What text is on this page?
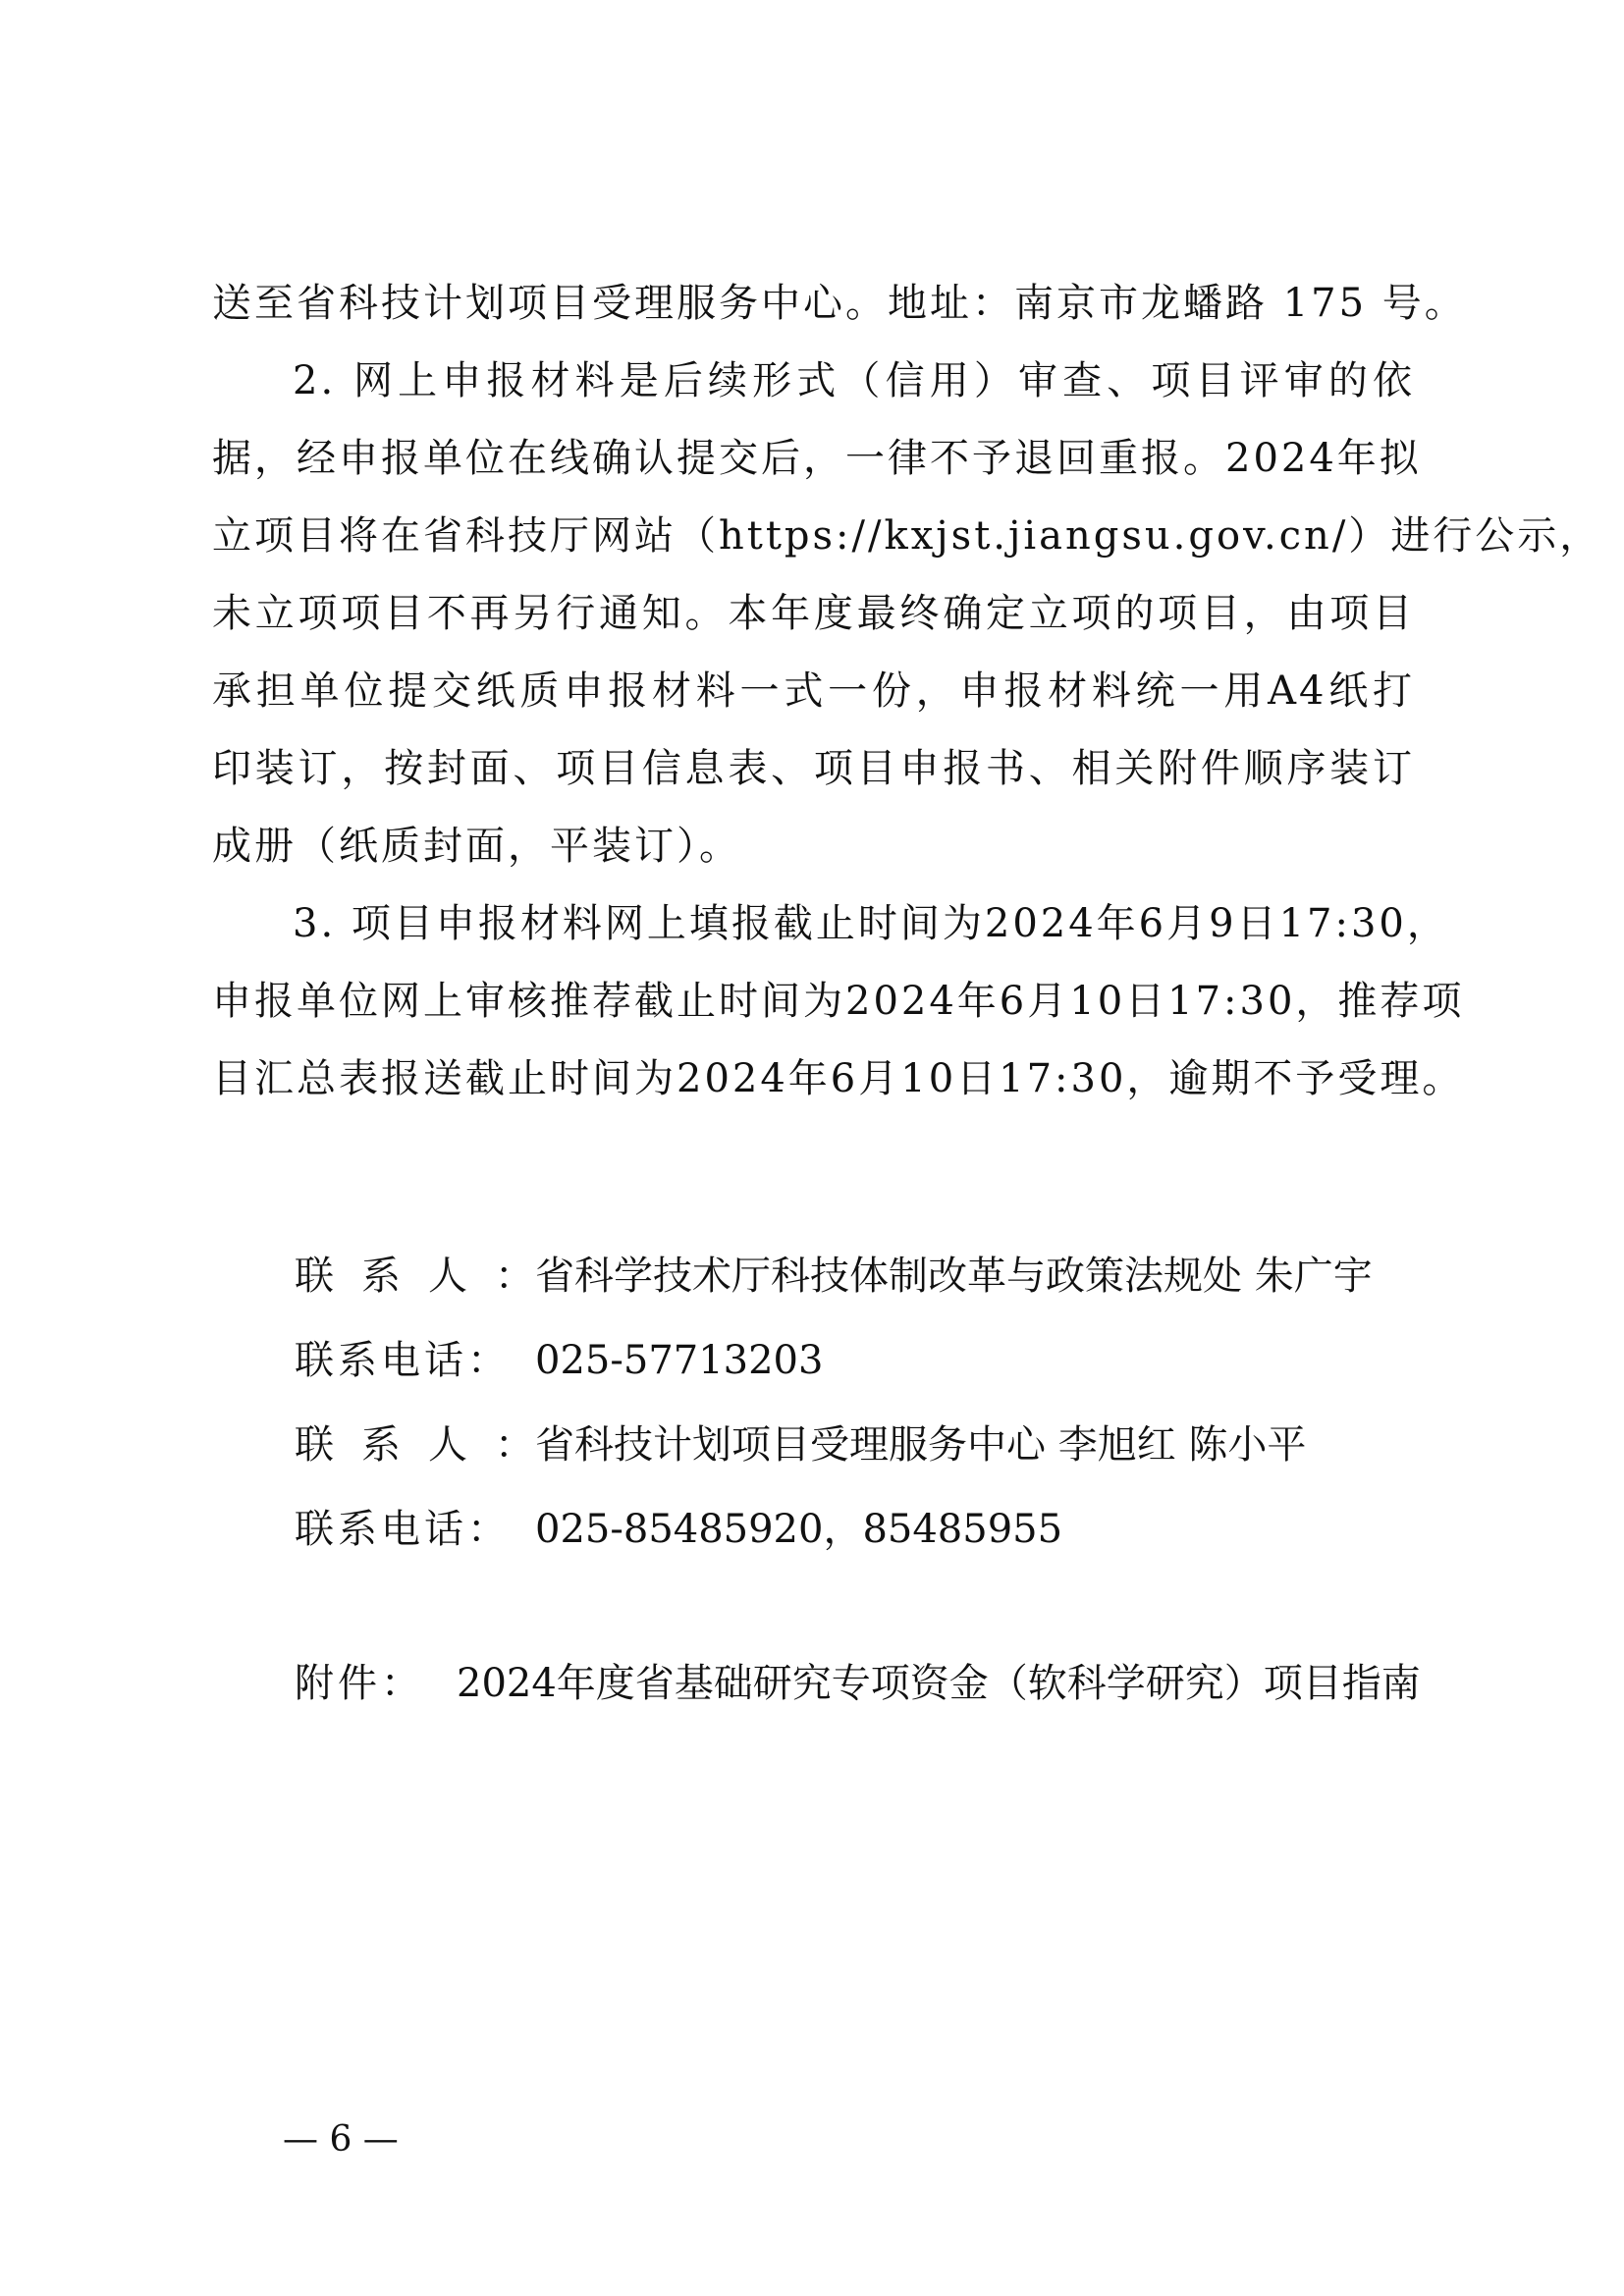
送至省科技计划项目受理服务中心。地址：南京市龙蟠路 175 号。
2. 网上申报材料是后续形式（信用）审查、项目评审的依
据，经申报单位在线确认提交后，一律不予退回重报。2024年拟
立项目将在省科技厅网站（https://kxjst.jiangsu.gov.cn/）进行公示，
未立项项目不再另行通知。本年度最终确定立项的项目，由项目
承担单位提交纸质申报材料一式一份，申报材料统一用A4纸打
印装订，按封面、项目信息表、项目申报书、相关附件顺序装订
成册（纸质封面，平装订）。
3. 项目申报材料网上填报截止时间为2024年6月9日17:30，
申报单位网上审核推荐截止时间为2024年6月10日17:30，推荐项
目汇总表报送截止时间为2024年6月10日17:30，逾期不予受理。
联系人：省科学技术厅科技体制改革与政策法规处 朱广宇
联系电话： 025-57713203
联系人：省科技计划项目受理服务中心 李旭红 陈小平
联系电话： 025-85485920，85485955
附件： 2024年度省基础研究专项资金（软科学研究）项目指南
— 6 —
